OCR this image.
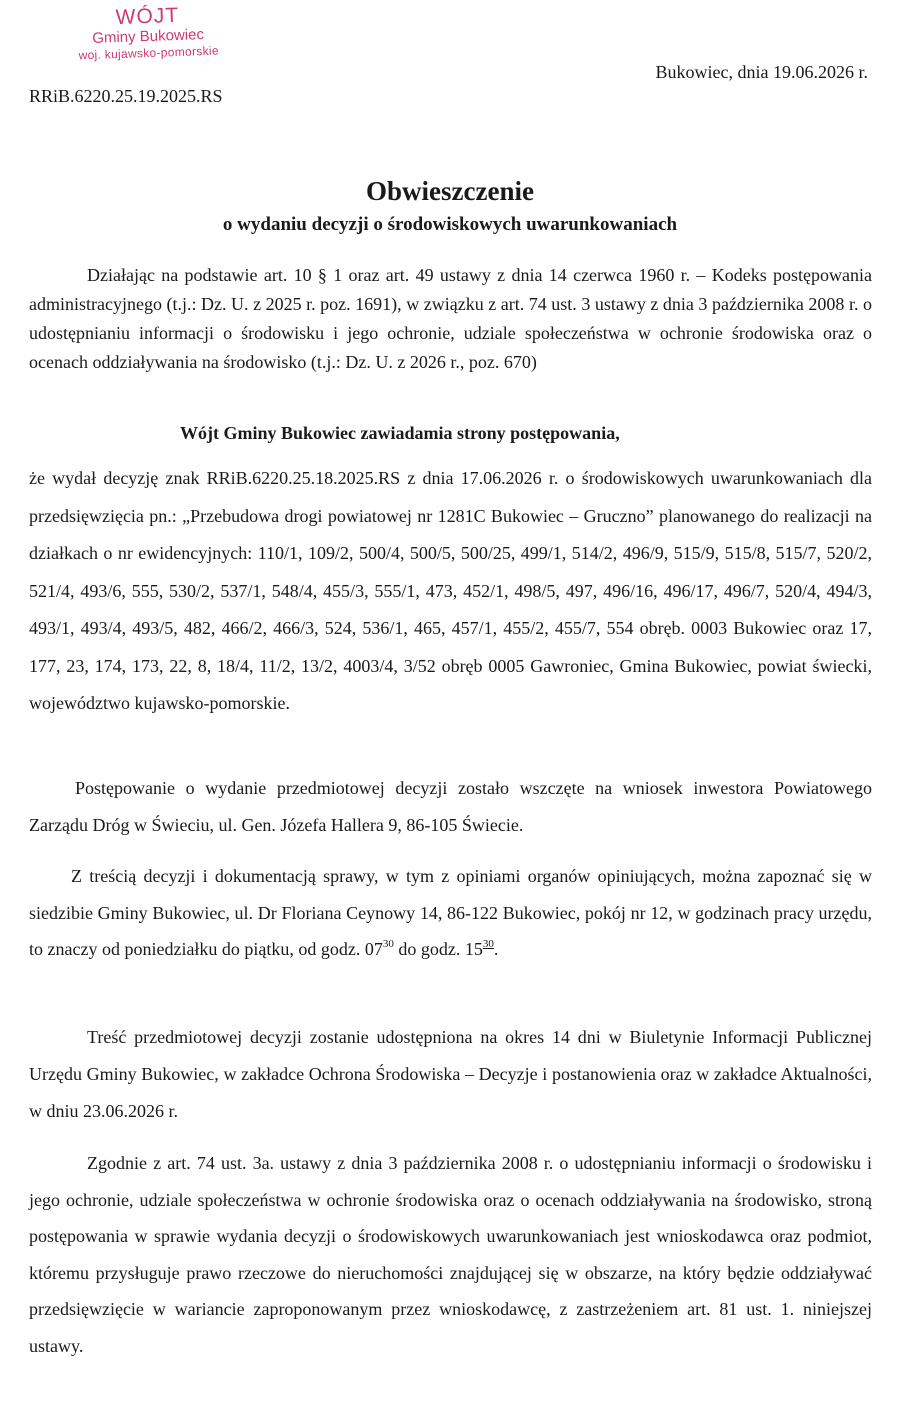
WÓJT
Gminy Bukowiec
woj. kujawsko-pomorskie
Bukowiec, dnia 19.06.2026 r.
RRiB.6220.25.19.2025.RS
Obwieszczenie
o wydaniu decyzji o środowiskowych uwarunkowaniach
Działając na podstawie art. 10 § 1 oraz art. 49 ustawy z dnia 14 czerwca 1960 r. – Kodeks postępowania administracyjnego (t.j.: Dz. U. z 2025 r. poz. 1691), w związku z art. 74 ust. 3 ustawy z dnia 3 października 2008 r. o udostępnianiu informacji o środowisku i jego ochronie, udziale społeczeństwa w ochronie środowiska oraz o ocenach oddziaływania na środowisko (t.j.: Dz. U. z 2026 r., poz. 670)
Wójt Gminy Bukowiec zawiadamia strony postępowania,
że wydał decyzję znak RRiB.6220.25.18.2025.RS z dnia 17.06.2026 r. o środowiskowych uwarunkowaniach dla przedsięwzięcia pn.: „Przebudowa drogi powiatowej nr 1281C Bukowiec – Gruczno” planowanego do realizacji na działkach o nr ewidencyjnych: 110/1, 109/2, 500/4, 500/5, 500/25, 499/1, 514/2, 496/9, 515/9, 515/8, 515/7, 520/2, 521/4, 493/6, 555, 530/2, 537/1, 548/4, 455/3, 555/1, 473, 452/1, 498/5, 497, 496/16, 496/17, 496/7, 520/4, 494/3, 493/1, 493/4, 493/5, 482, 466/2, 466/3, 524, 536/1, 465, 457/1, 455/2, 455/7, 554 obręb. 0003 Bukowiec oraz 17, 177, 23, 174, 173, 22, 8, 18/4, 11/2, 13/2, 4003/4, 3/52 obręb 0005 Gawroniec, Gmina Bukowiec, powiat świecki, województwo kujawsko-pomorskie.
Postępowanie o wydanie przedmiotowej decyzji zostało wszczęte na wniosek inwestora Powiatowego Zarządu Dróg w Świeciu, ul. Gen. Józefa Hallera 9, 86-105 Świecie.
Z treścią decyzji i dokumentacją sprawy, w tym z opiniami organów opiniujących, można zapoznać się w siedzibie Gminy Bukowiec, ul. Dr Floriana Ceynowy 14, 86-122 Bukowiec, pokój nr 12, w godzinach pracy urzędu, to znaczy od poniedziałku do piątku, od godz. $07^{30}$ do godz. $15^{30}$.
Treść przedmiotowej decyzji zostanie udostępniona na okres 14 dni w Biuletynie Informacji Publicznej Urzędu Gminy Bukowiec, w zakładce Ochrona Środowiska – Decyzje i postanowienia oraz w zakładce Aktualności, w dniu 23.06.2026 r.
Zgodnie z art. 74 ust. 3a. ustawy z dnia 3 października 2008 r. o udostępnianiu informacji o środowisku i jego ochronie, udziale społeczeństwa w ochronie środowiska oraz o ocenach oddziaływania na środowisko, stroną postępowania w sprawie wydania decyzji o środowiskowych uwarunkowaniach jest wnioskodawca oraz podmiot, któremu przysługuje prawo rzeczowe do nieruchomości znajdującej się w obszarze, na który będzie oddziaływać przedsięwzięcie w wariancie zaproponowanym przez wnioskodawcę, z zastrzeżeniem art. 81 ust. 1. niniejszej ustawy.
